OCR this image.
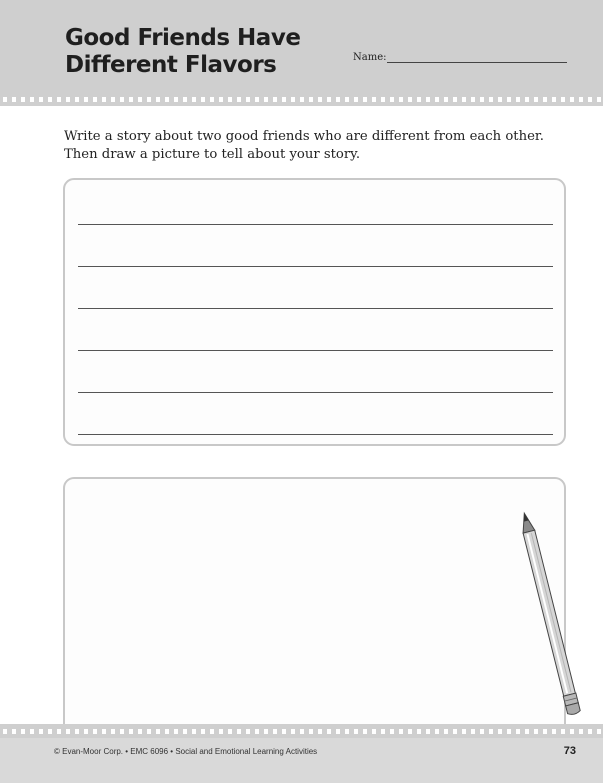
Good Friends Have
Different Flavors	Name:
Write a story about two good friends who are different from each other.
Then draw a picture to tell about your story.
© Evan-Moor Corp. • EMC 6096 • Social and Emotional Learning Activities	73
